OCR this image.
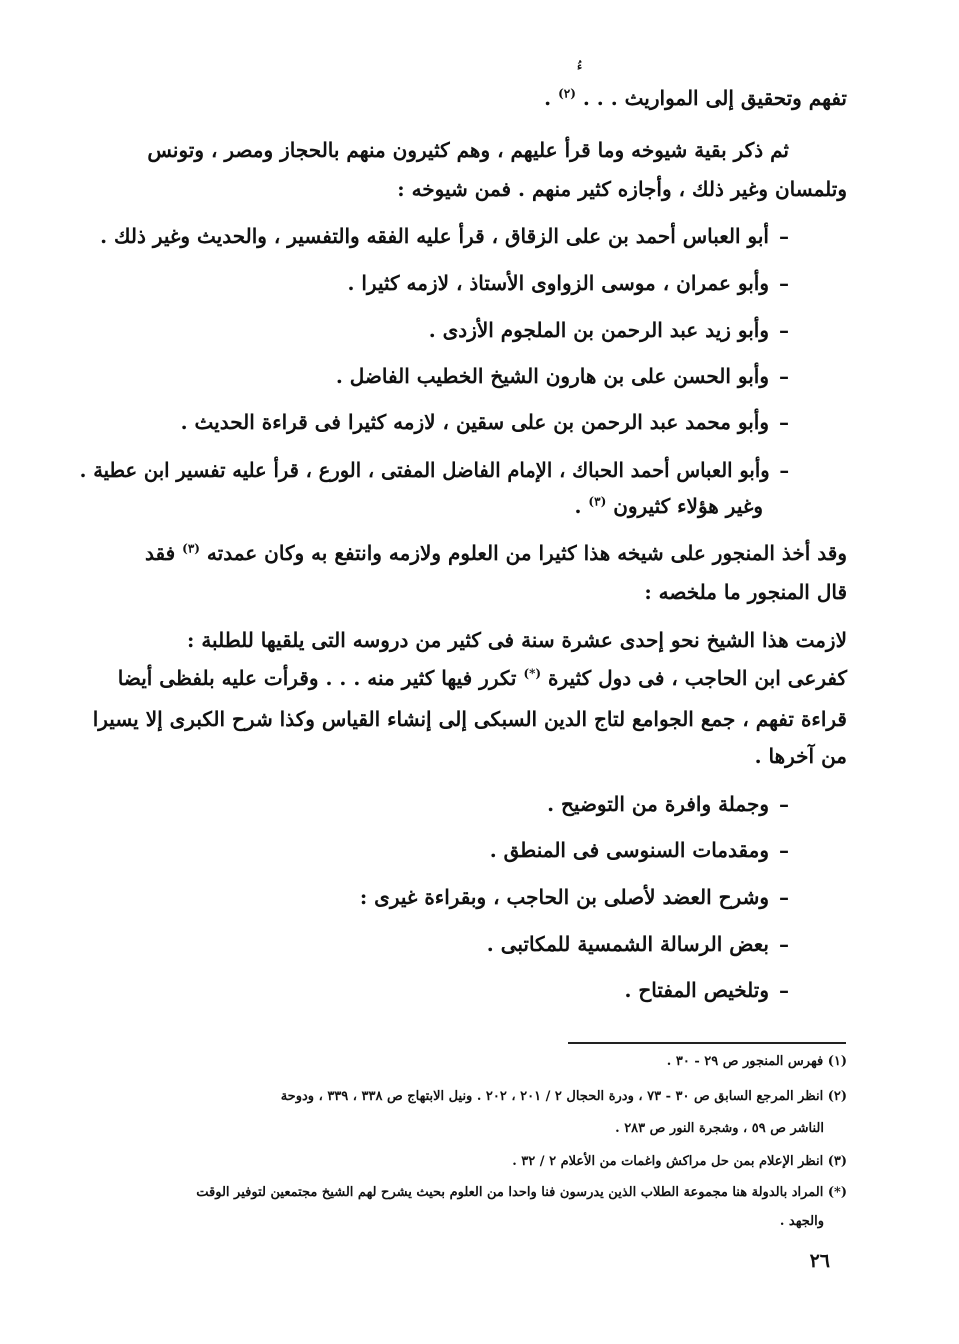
ءُ
تفهم وتحقيق إلى المواريث . . . $^{(٢)}$ .
ثم ذكر بقية شيوخه وما قرأ عليهم ، وهم كثيرون منهم بالحجاز ومصر ، وتونس
وتلمسان وغير ذلك ، وأجازه كثير منهم . فمن شيوخه :
–أبو العباس أحمد بن على الزقاق ، قرأ عليه الفقه والتفسير ، والحديث وغير ذلك .
–وأبو عمران ، موسى الزواوى الأستاذ ، لازمه كثيرا .
–وأبو زيد عبد الرحمن بن الملجوم الأزدى .
–وأبو الحسن على بن هارون الشيخ الخطيب الفاضل .
–وأبو محمد عبد الرحمن بن على سقين ، لازمه كثيرا فى قراءة الحديث .
–وأبو العباس أحمد الحباك ، الإمام الفاضل المفتى ، الورع ، قرأ عليه تفسير ابن عطية .
وغير هؤلاء كثيرون $^{(٣)}$ .
وقد أخذ المنجور على شيخه هذا كثيرا من العلوم ولازمه وانتفع به وكان عمدته $^{(٣)}$ فقد
قال المنجور ما ملخصه :
لازمت هذا الشيخ نحو إحدى عشرة سنة فى كثير من دروسه التى يلقيها للطلبة :
كفرعى ابن الحاجب ، فى دول كثيرة (*) تكرر فيها كثير منه . . . وقرأت عليه بلفظى أيضا
قراءة تفهم ، جمع الجوامع لتاج الدين السبكى إلى إنشاء القياس وكذا شرح الكبرى إلا يسيرا
من آخرها .
–وجملة وافرة من التوضيح .
–ومقدمات السنوسى فى المنطق .
–وشرح العضد لأصلى بن الحاجب ، وبقراءة غيرى :
–بعض الرسالة الشمسية للمكاتبى .
–وتلخيص المفتاح .
(١) فهرس المنجور ص ٢٩ - ٣٠ .
(٢) انظر المرجع السابق ص ٣٠ - ٧٣ ، ودرة الحجال ٢ / ٢٠١ ، ٢٠٢ . ونيل الابتهاج ص ٣٣٨ ، ٣٣٩ ، ودوحة
الناشر ص ٥٩ ، وشجرة النور ص ٢٨٣ .
(٣) انظر الإعلام بمن حل مراكش واغمات من الأعلام ٢ / ٣٢ .
(*) المراد بالدولة هنا مجموعة الطلاب الذين يدرسون فنا واحدا من العلوم بحيث يشرح لهم الشيخ مجتمعين لتوفير الوقت
والجهد .
٢٦
